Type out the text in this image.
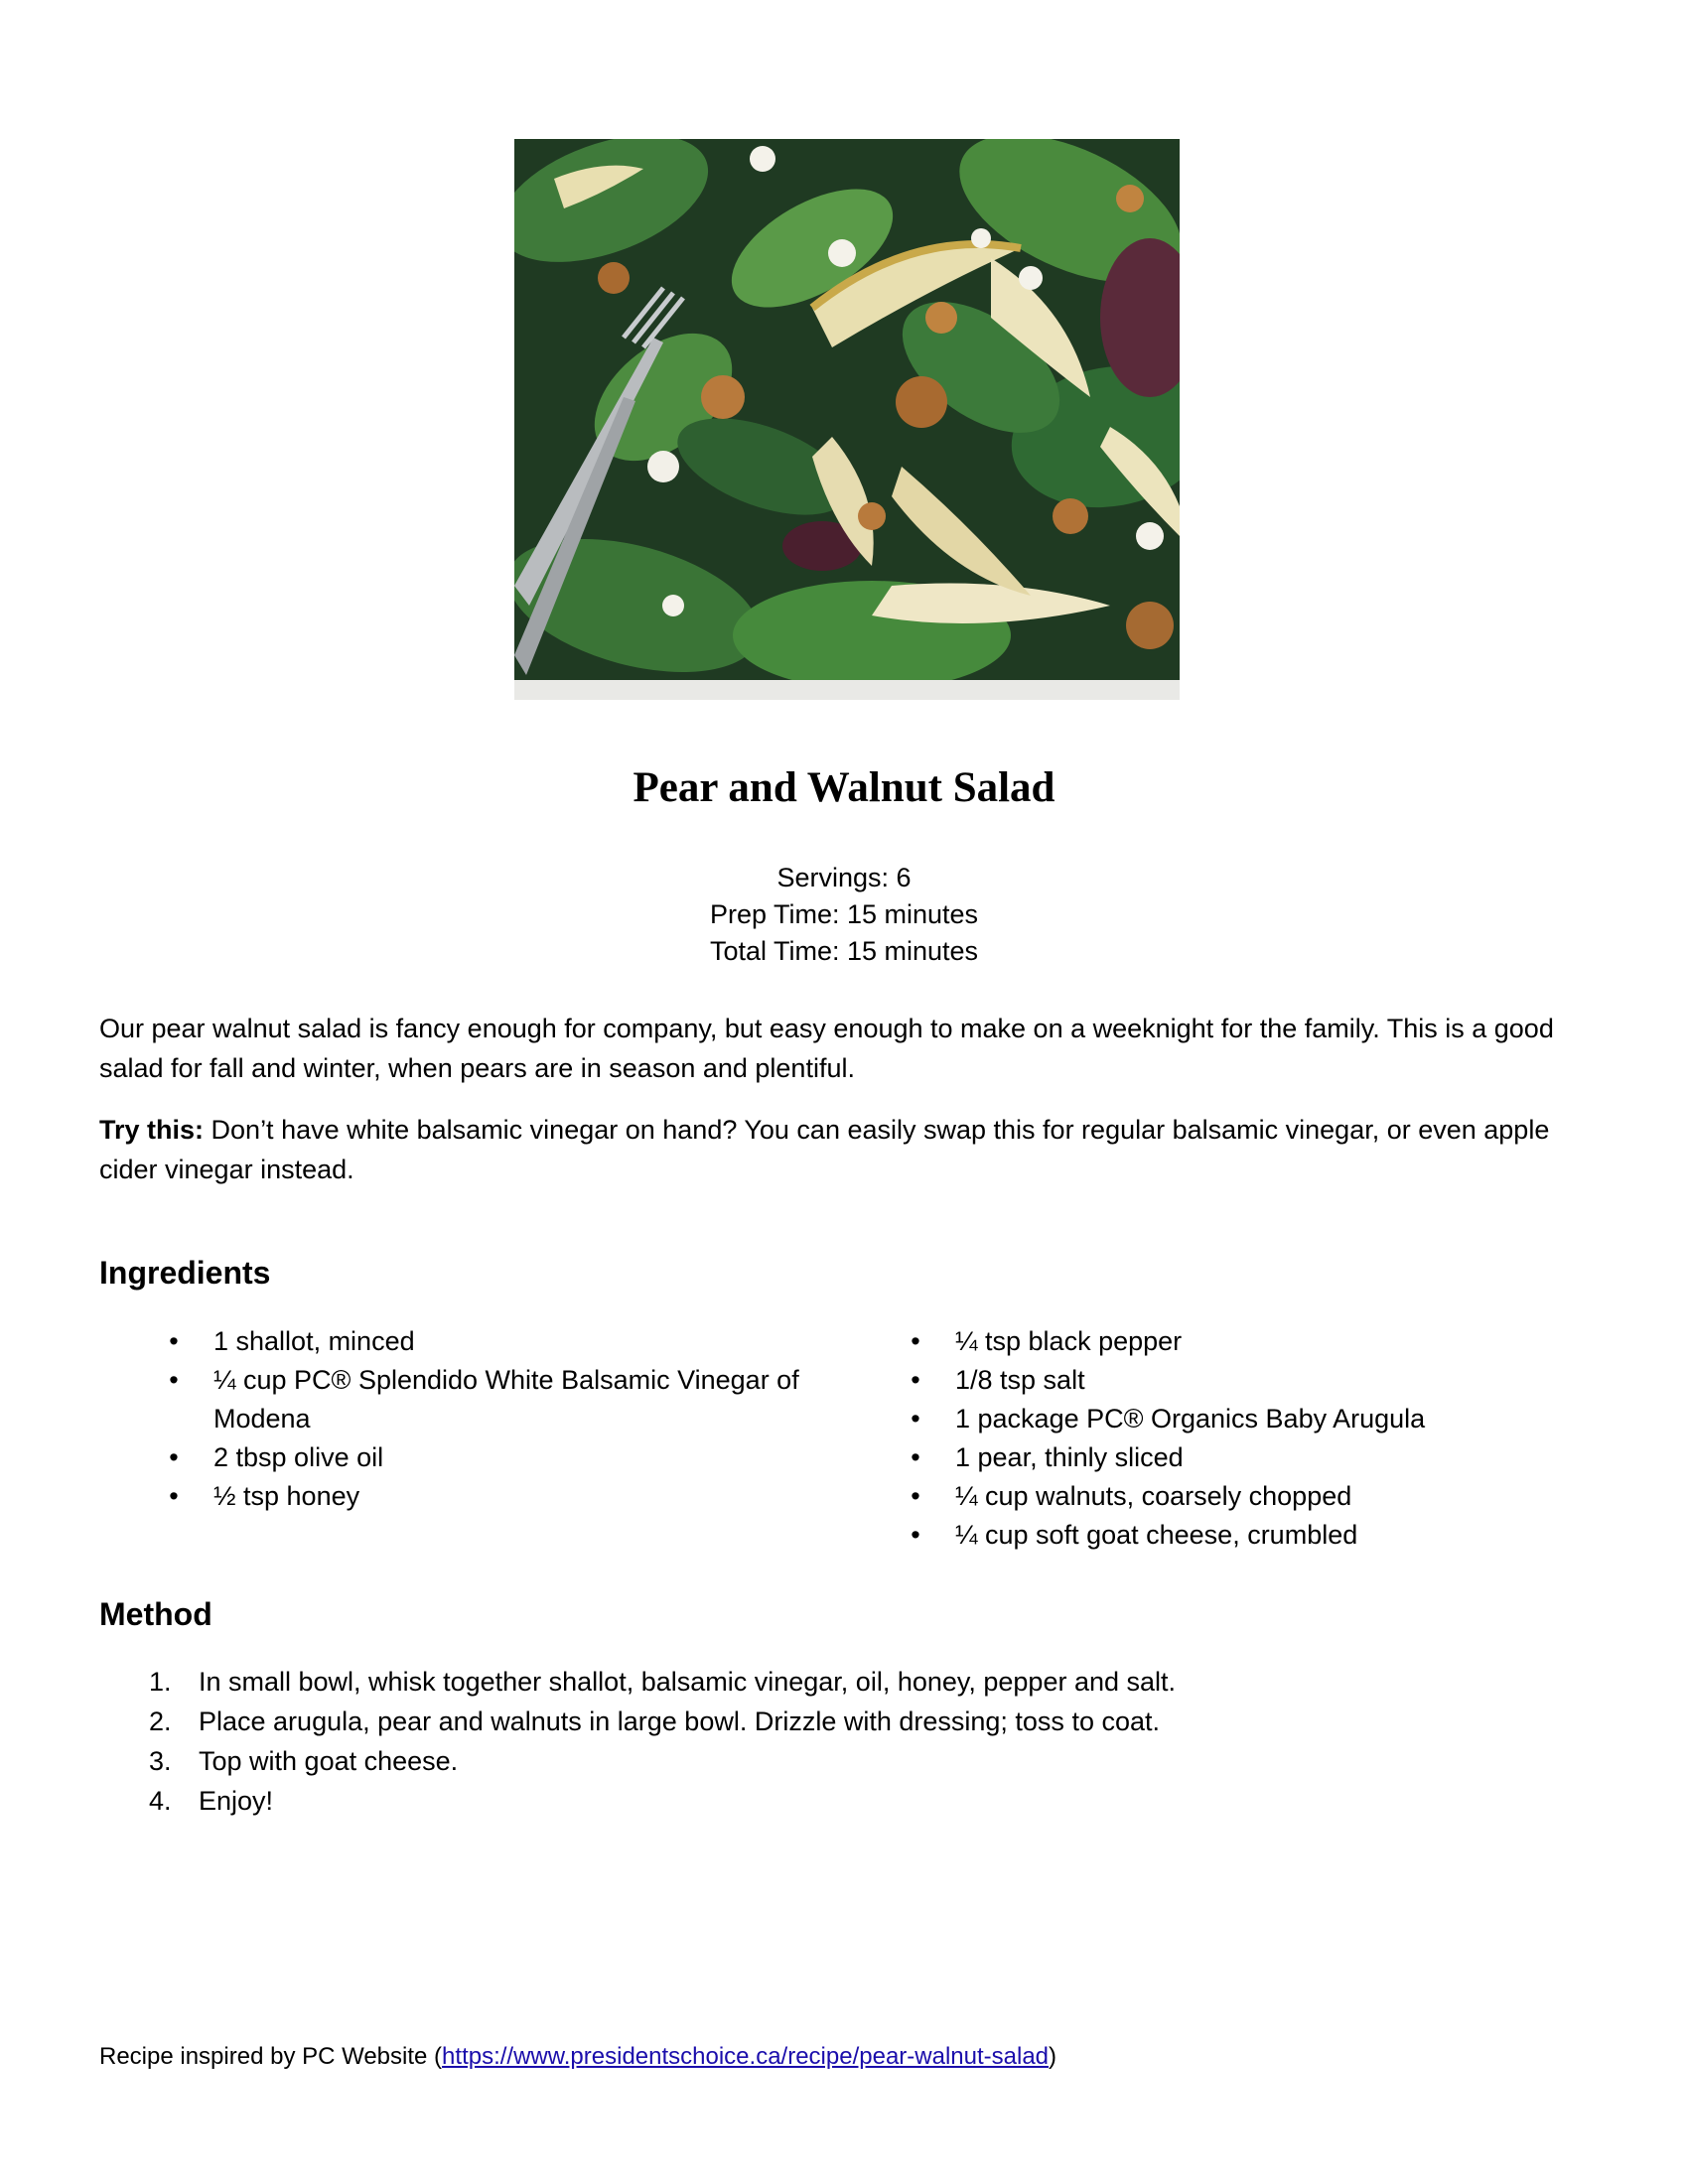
Pear and Walnut Salad
Servings: 6
Prep Time: 15 minutes
Total Time: 15 minutes

Our pear walnut salad is fancy enough for company, but easy enough to make on a weeknight for the family. This is a good salad for fall and winter, when pears are in season and plentiful.

Try this: Don’t have white balsamic vinegar on hand? You can easily swap this for regular balsamic vinegar, or even apple cider vinegar instead.

Ingredients
• 1 shallot, minced
• ¼ cup PC® Splendido White Balsamic Vinegar of Modena
• 2 tbsp olive oil
• ½ tsp honey
• ¼ tsp black pepper
• 1/8 tsp salt
• 1 package PC® Organics Baby Arugula
• 1 pear, thinly sliced
• ¼ cup walnuts, coarsely chopped
• ¼ cup soft goat cheese, crumbled
Method
1. In small bowl, whisk together shallot, balsamic vinegar, oil, honey, pepper and salt.
2. Place arugula, pear and walnuts in large bowl. Drizzle with dressing; toss to coat.
3. Top with goat cheese.
4. Enjoy!
Recipe inspired by PC Website (https://www.presidentschoice.ca/recipe/pear-walnut-salad)
